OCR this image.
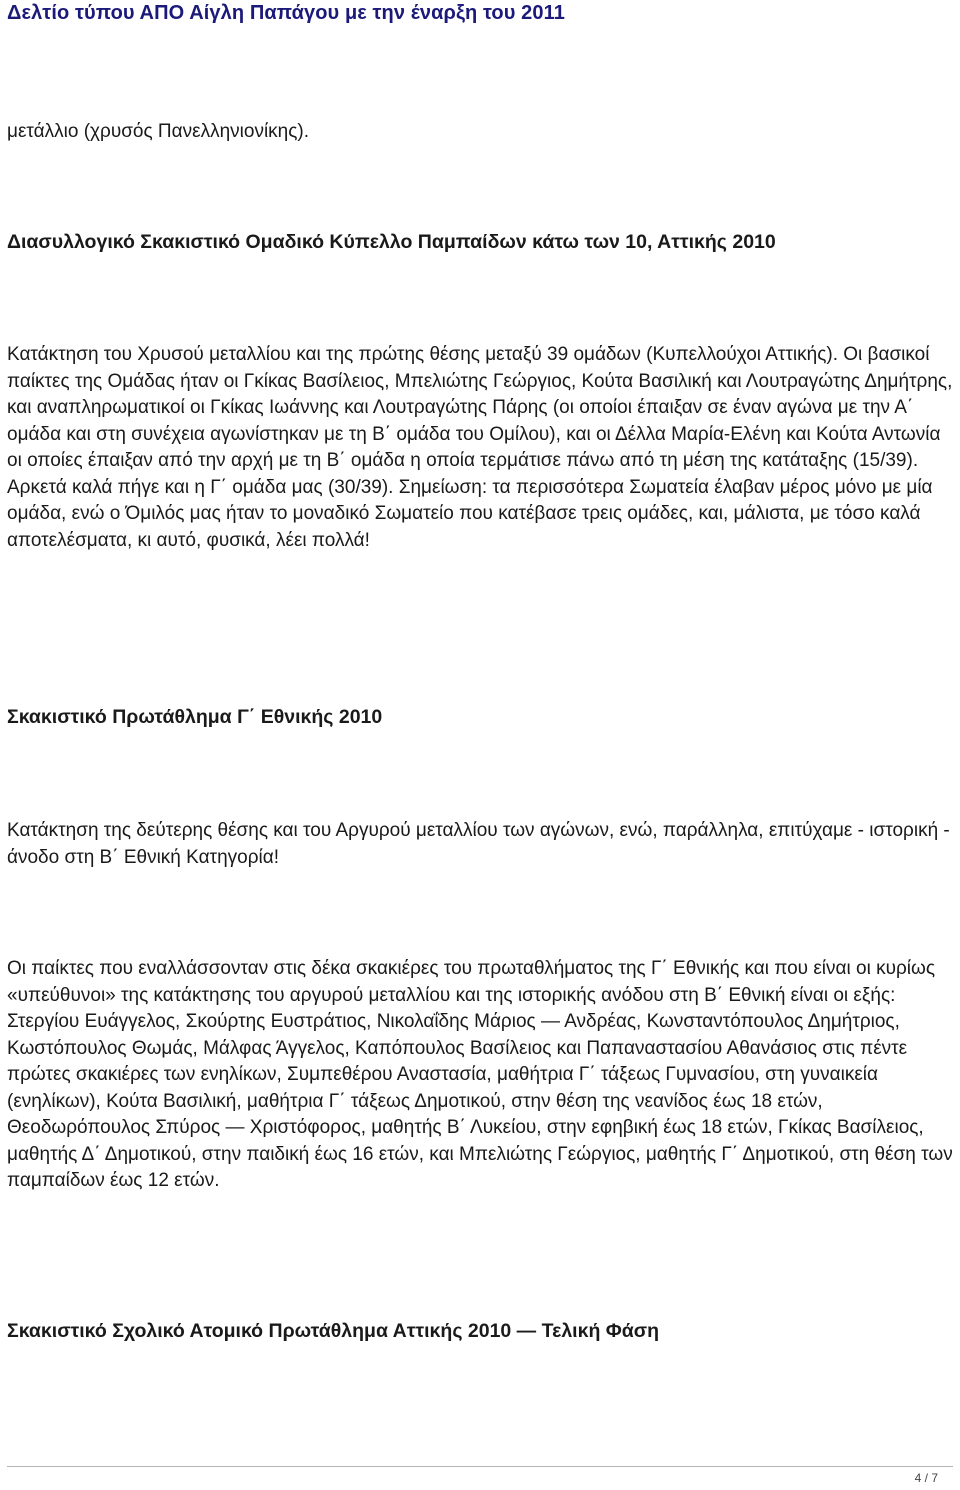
Δελτίο τύπου ΑΠΟ Αίγλη Παπάγου με την έναρξη του 2011

μετάλλιο (χρυσός Πανελληνιονίκης).

Διασυλλογικό Σκακιστικό Ομαδικό Κύπελλο Παμπαίδων κάτω των 10, Αττικής 2010

Κατάκτηση του Χρυσού μεταλλίου και της πρώτης θέσης μεταξύ 39 ομάδων (Κυπελλούχοι Αττικής). Οι βασικοί παίκτες της Ομάδας ήταν οι Γκίκας Βασίλειος, Μπελιώτης Γεώργιος, Κούτα Βασιλική και Λουτραγώτης Δημήτρης, και αναπληρωματικοί οι Γκίκας Ιωάννης και Λουτραγώτης Πάρης (οι οποίοι έπαιξαν σε έναν αγώνα με την Α΄ ομάδα και στη συνέχεια αγωνίστηκαν με τη Β΄ ομάδα του Ομίλου), και οι Δέλλα Μαρία-Ελένη και Κούτα Αντωνία οι οποίες έπαιξαν από την αρχή με τη Β΄ ομάδα η οποία τερμάτισε πάνω από τη μέση της κατάταξης (15/39). Αρκετά καλά πήγε και η Γ΄ ομάδα μας (30/39). Σημείωση: τα περισσότερα Σωματεία έλαβαν μέρος μόνο με μία ομάδα, ενώ ο Όμιλός μας ήταν το μοναδικό Σωματείο που κατέβασε τρεις ομάδες, και, μάλιστα, με τόσο καλά αποτελέσματα, κι αυτό, φυσικά, λέει πολλά!

Σκακιστικό Πρωτάθλημα Γ΄ Εθνικής 2010

Κατάκτηση της δεύτερης θέσης και του Αργυρού μεταλλίου των αγώνων, ενώ, παράλληλα, επιτύχαμε - ιστορική - άνοδο στη Β΄ Εθνική Κατηγορία!

Οι παίκτες που εναλλάσσονταν στις δέκα σκακιέρες του πρωταθλήματος της Γ΄ Εθνικής και που είναι οι κυρίως «υπεύθυνοι» της κατάκτησης του αργυρού μεταλλίου και της ιστορικής ανόδου στη Β΄ Εθνική είναι οι εξής: Στεργίου Ευάγγελος, Σκούρτης Ευστράτιος, Νικολαΐδης Μάριος — Ανδρέας, Κωνσταντόπουλος Δημήτριος, Κωστόπουλος Θωμάς, Μάλφας Άγγελος, Καπόπουλος Βασίλειος και Παπαναστασίου Αθανάσιος στις πέντε πρώτες σκακιέρες των ενηλίκων, Συμπεθέρου Αναστασία, μαθήτρια Γ΄ τάξεως Γυμνασίου, στη γυναικεία (ενηλίκων), Κούτα Βασιλική, μαθήτρια Γ΄ τάξεως Δημοτικού, στην θέση της νεανίδος έως 18 ετών, Θεοδωρόπουλος Σπύρος — Χριστόφορος, μαθητής Β΄ Λυκείου, στην εφηβική έως 18 ετών, Γκίκας Βασίλειος, μαθητής Δ΄ Δημοτικού, στην παιδική έως 16 ετών, και Μπελιώτης Γεώργιος, μαθητής Γ΄ Δημοτικού, στη θέση των παμπαίδων έως 12 ετών.

Σκακιστικό Σχολικό Ατομικό Πρωτάθλημα Αττικής 2010 — Τελική Φάση
4 / 7
